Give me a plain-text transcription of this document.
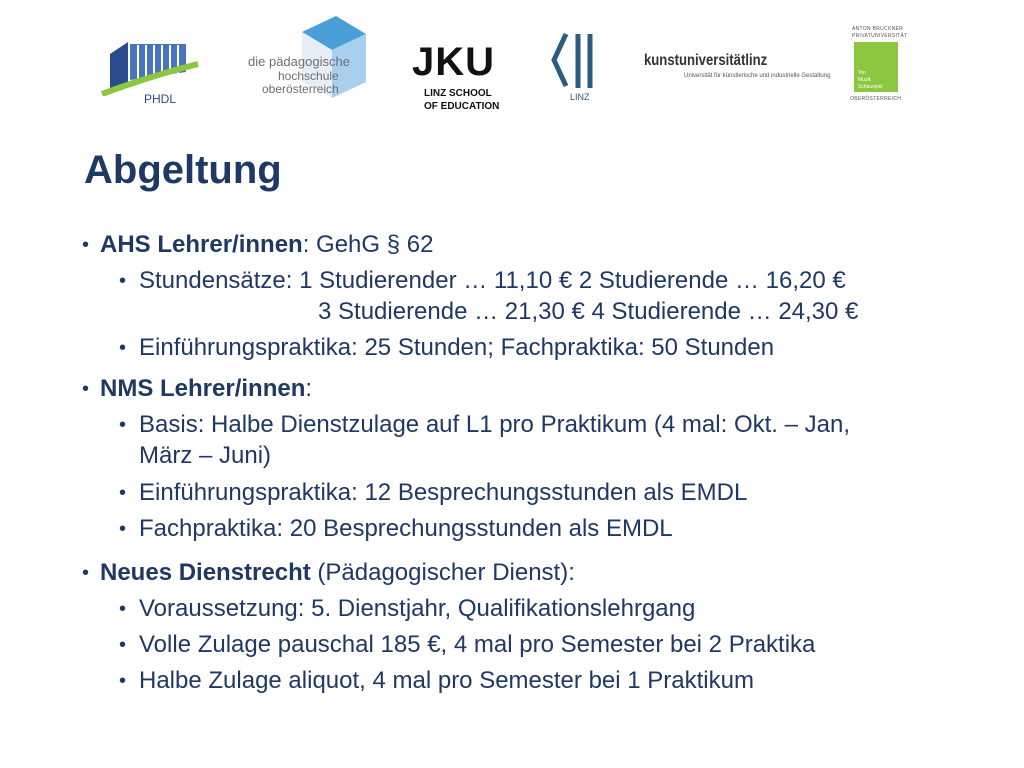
PHDL
die pädagogische
hochschule
oberösterreich
JKU
LINZ SCHOOL
OF EDUCATION
LINZ
kunstuniversitätlinz
Universität für künstlerische und industrielle Gestaltung
ANTON BRUCKNER
PRIVATUNIVERSITÄT
Ton
Musik
Schauspiel
OBERÖSTERREICH
Abgeltung
• AHS Lehrer/innen: GehG § 62
• Stundensätze: 1 Studierender … 11,10 € 2 Studierende … 16,20 €
3 Studierende … 21,30 € 4 Studierende … 24,30 €
• Einführungspraktika: 25 Stunden; Fachpraktika: 50 Stunden
• NMS Lehrer/innen:
• Basis: Halbe Dienstzulage auf L1 pro Praktikum (4 mal: Okt. – Jan,
März – Juni)
• Einführungspraktika: 12 Besprechungsstunden als EMDL
• Fachpraktika: 20 Besprechungsstunden als EMDL
• Neues Dienstrecht (Pädagogischer Dienst):
• Voraussetzung: 5. Dienstjahr, Qualifikationslehrgang
• Volle Zulage pauschal 185 €, 4 mal pro Semester bei 2 Praktika
• Halbe Zulage aliquot, 4 mal pro Semester bei 1 Praktikum
